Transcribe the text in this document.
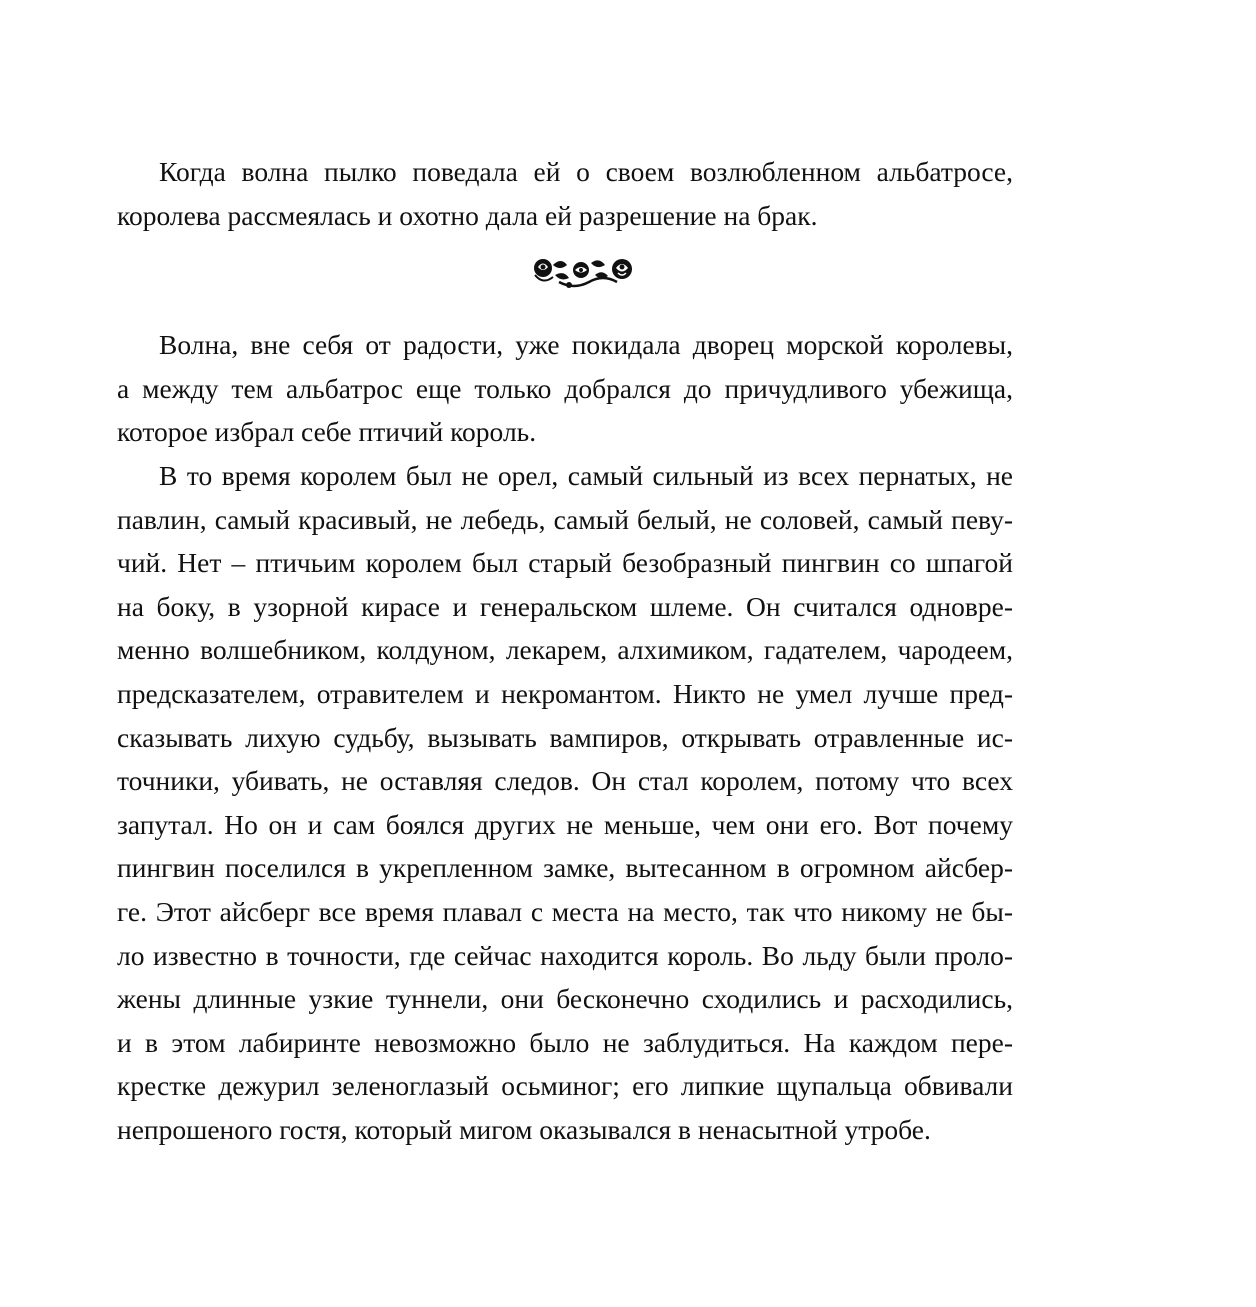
Когда волна пылко поведала ей о своем возлюбленном альбатросе,
королева рассмеялась и охотно дала ей разрешение на брак.
Волна, вне себя от радости, уже покидала дворец морской королевы,
а между тем альбатрос еще только добрался до причудливого убежища,
которое избрал себе птичий король.
В то время королем был не орел, самый сильный из всех пернатых, не
павлин, самый красивый, не лебедь, самый белый, не соловей, самый певу-
чий. Нет – птичьим королем был старый безобразный пингвин со шпагой
на боку, в узорной кирасе и генеральском шлеме. Он считался одновре-
менно волшебником, колдуном, лекарем, алхимиком, гадателем, чародеем,
предсказателем, отравителем и некромантом. Никто не умел лучше пред-
сказывать лихую судьбу, вызывать вампиров, открывать отравленные ис-
точники, убивать, не оставляя следов. Он стал королем, потому что всех
запутал. Но он и сам боялся других не меньше, чем они его. Вот почему
пингвин поселился в укрепленном замке, вытесанном в огромном айсбер-
ге. Этот айсберг все время плавал с места на место, так что никому не бы-
ло известно в точности, где сейчас находится король. Во льду были проло-
жены длинные узкие туннели, они бесконечно сходились и расходились,
и в этом лабиринте невозможно было не заблудиться. На каждом пере-
крестке дежурил зеленоглазый осьминог; его липкие щупальца обвивали
непрошеного гостя, который мигом оказывался в ненасытной утробе.
